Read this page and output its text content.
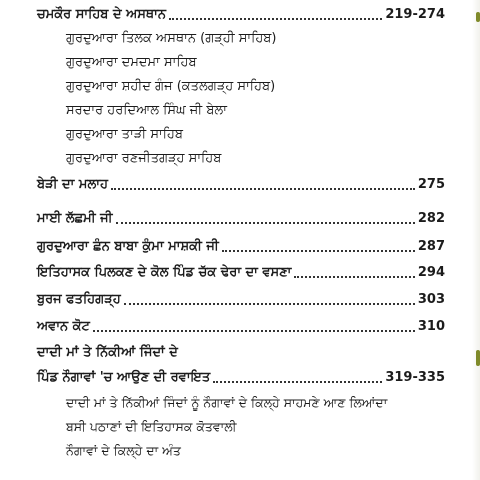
ਚਮਕੌਰ ਸਾਹਿਬ ਦੇ ਅਸਥਾਨ	219-274
ਗੁਰਦੁਆਰਾ ਤਿਲਕ ਅਸਥਾਨ (ਗੜ੍ਹੀ ਸਾਹਿਬ)
ਗੁਰਦੁਆਰਾ ਦਮਦਮਾ ਸਾਹਿਬ
ਗੁਰਦੁਆਰਾ ਸ਼ਹੀਦ ਗੰਜ (ਕਤਲਗੜ੍ਹ ਸਾਹਿਬ)
ਸਰਦਾਰ ਹਰਦਿਆਲ ਸਿੰਘ ਜੀ ਬੇਲਾ
ਗੁਰਦੁਆਰਾ ਤਾੜੀ ਸਾਹਿਬ
ਗੁਰਦੁਆਰਾ ਰਣਜੀਤਗੜ੍ਹ ਸਾਹਿਬ
ਬੇੜੀ ਦਾ ਮਲਾਹ	275
ਮਾਈ ਲੱਛਮੀ ਜੀ	282
ਗੁਰਦੁਆਰਾ ਛੰਨ ਬਾਬਾ ਕੁੰਮਾ ਮਾਸ਼ਕੀ ਜੀ	287
ਇਤਿਹਾਸਕ ਪਿਲਕਣ ਦੇ ਕੋਲ ਪਿੰਡ ਚੱਕ ਢੇਰਾ ਦਾ ਵਸਣਾ	294
ਬੁਰਜ ਫਤਹਿਗੜ੍ਹ	303
ਅਵਾਨ ਕੋਟ	310
ਦਾਦੀ ਮਾਂ ਤੇ ਨਿੱਕੀਆਂ ਜਿੰਦਾਂ ਦੇ
ਪਿੰਡ ਨੌਗਾਵਾਂ 'ਚ ਆਉਣ ਦੀ ਰਵਾਇਤ	319-335
ਦਾਦੀ ਮਾਂ ਤੇ ਨਿੱਕੀਆਂ ਜਿੰਦਾਂ ਨੂੰ ਨੌਗਾਵਾਂ ਦੇ ਕਿਲ੍ਹੇ ਸਾਹਮਣੇ ਆਣ ਲਿਆਂਦਾ
ਬਸੀ ਪਠਾਣਾਂ ਦੀ ਇਤਿਹਾਸਕ ਕੋਤਵਾਲੀ
ਨੌਗਾਵਾਂ ਦੇ ਕਿਲ੍ਹੇ ਦਾ ਅੰਤ
